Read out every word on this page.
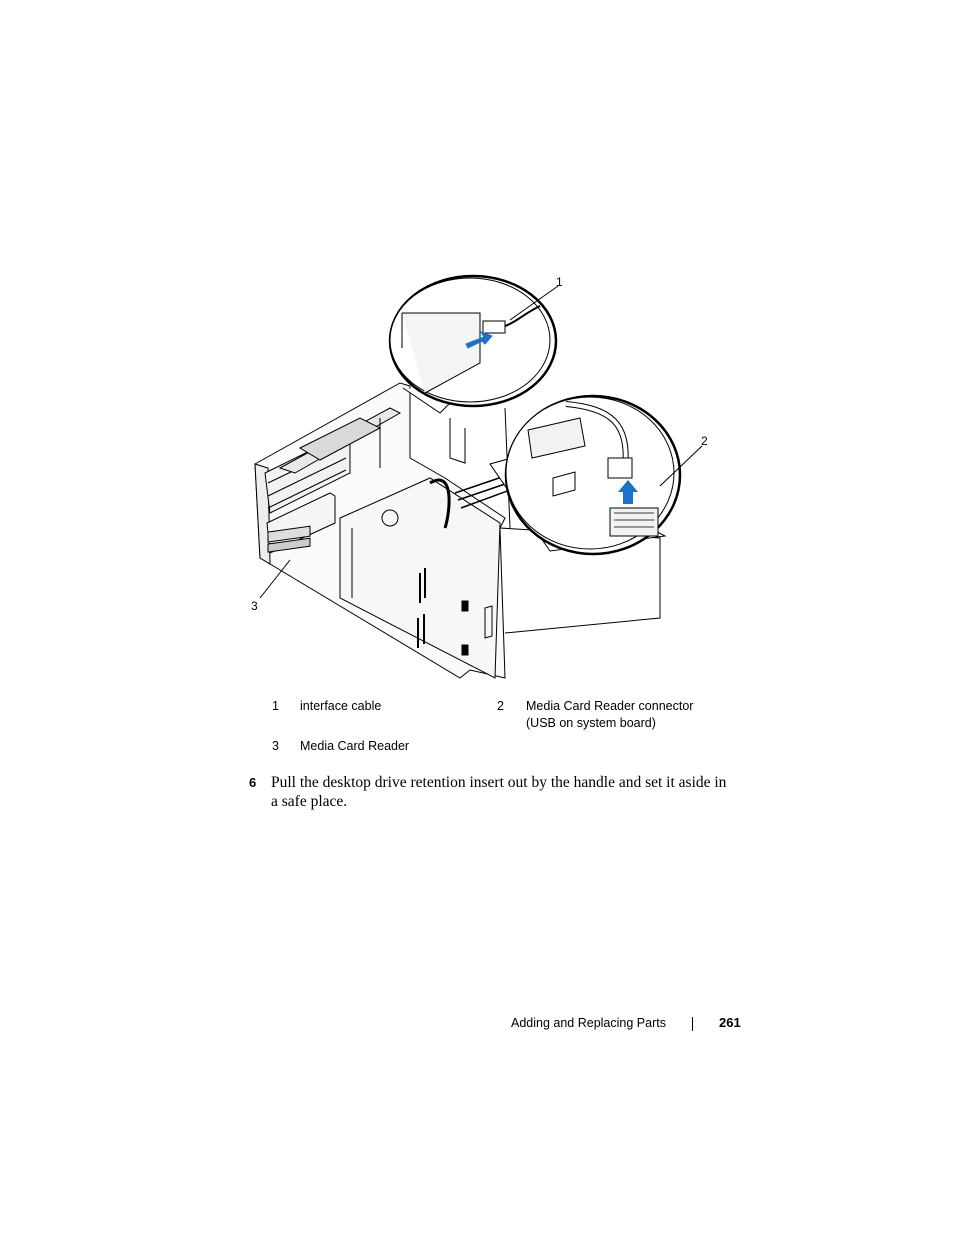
1
2
3
1 interface cable	2 Media Card Reader connector
(USB on system board)
3 Media Card Reader
6 Pull the desktop drive retention insert out by the handle and set it aside in
a safe place.
Adding and Replacing Parts	261
